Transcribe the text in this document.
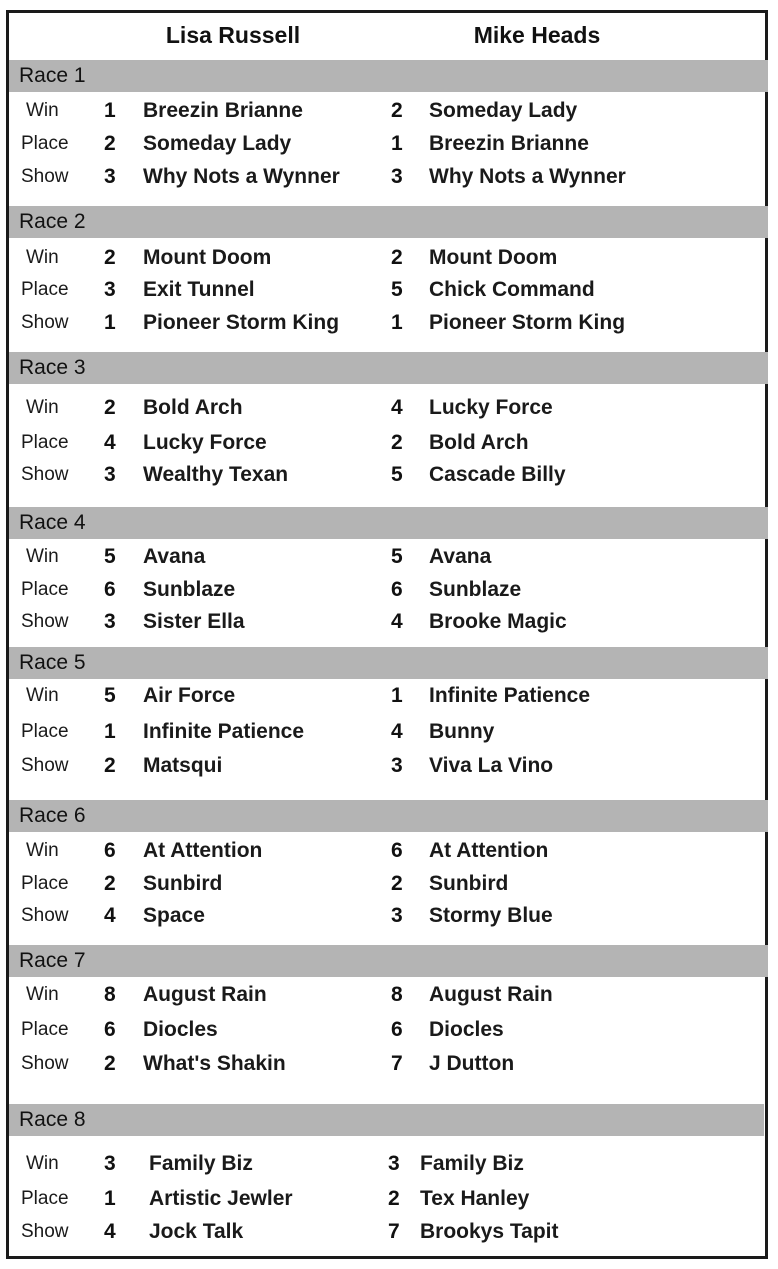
Lisa Russell	Mike Heads
Race 1
Win 1 Breezin Brianne	2 Someday Lady
Place 2 Someday Lady	1 Breezin Brianne
Show 3 Why Nots a Wynner 3 Why Nots a Wynner
Race 2
Win 2 Mount Doom	2 Mount Doom
Place 3 Exit Tunnel	5 Chick Command
Show 1 Pioneer Storm King 1 Pioneer Storm King
Race 3
Win 2 Bold Arch	4 Lucky Force
Place 4 Lucky Force	2 Bold Arch
Show 3 Wealthy Texan	5 Cascade Billy
Race 4
Win 5 Avana	5 Avana
Place 6 Sunblaze	6 Sunblaze
Show 3 Sister Ella	4 Brooke Magic
Race 5
Win 5 Air Force	1 Infinite Patience
Place 1 Infinite Patience	4 Bunny
Show 2 Matsqui	3 Viva La Vino
Race 6
Win 6 At Attention	6 At Attention
Place 2 Sunbird	2 Sunbird
Show 4 Space	3 Stormy Blue
Race 7
Win 8 August Rain	8 August Rain
Place 6 Diocles	6 Diocles
Show 2 What's Shakin	7 J Dutton
Race 8
Win 3 Family Biz	3 Family Biz
Place 1 Artistic Jewler	2 Tex Hanley
Show 4 Jock Talk	7 Brookys Tapit
